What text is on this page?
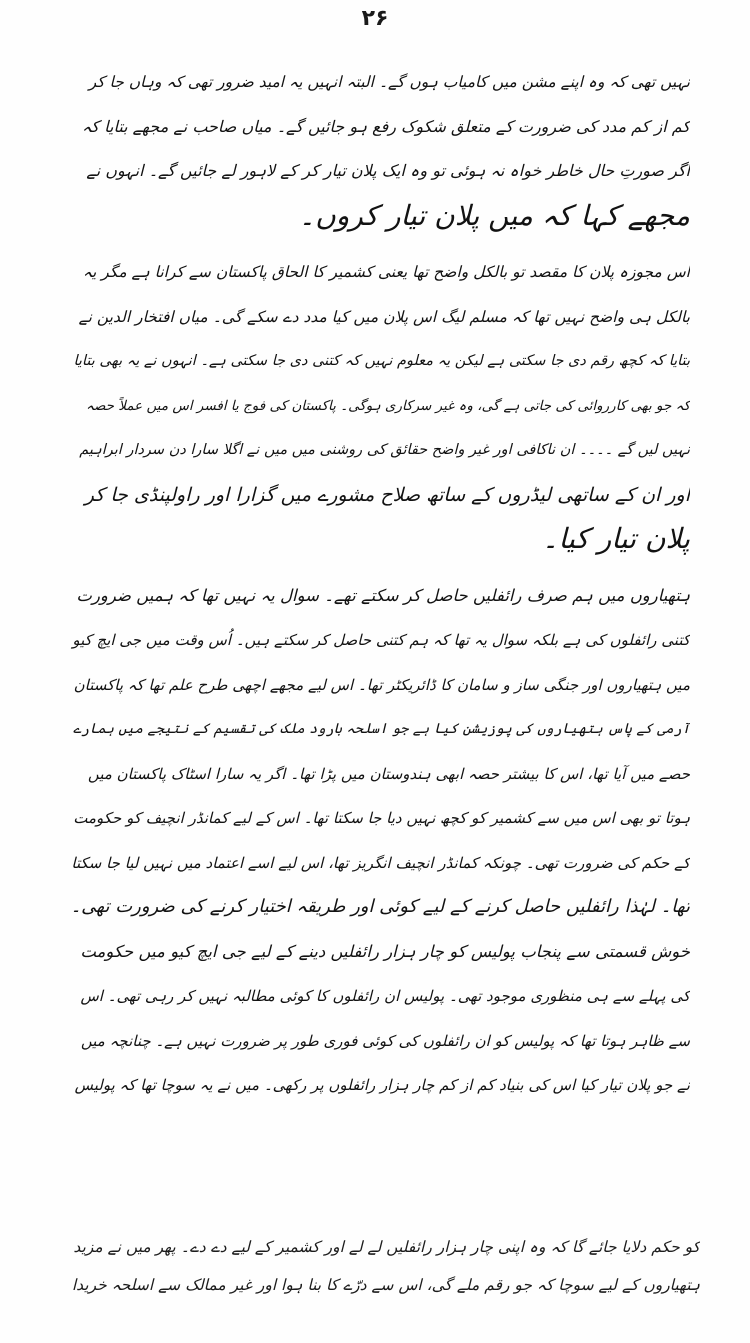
۲۶
نہیں تھی کہ وہ اپنے مشن میں کامیاب ہوں گے۔ البتہ انہیں یہ امید ضرور تھی کہ وہاں جا کر
کم از کم مدد کی ضرورت کے متعلق شکوک رفع ہو جائیں گے۔ میاں صاحب نے مجھے بتایا کہ
اگر صورتِ حال خاطر خواہ نہ ہوئی تو وہ ایک پلان تیار کر کے لاہور لے جائیں گے۔ انہوں نے
مجھے کہا کہ میں پلان تیار کروں۔
اس مجوزہ پلان کا مقصد تو بالکل واضح تھا یعنی کشمیر کا الحاق پاکستان سے کرانا ہے مگر یہ
بالکل ہی واضح نہیں تھا کہ مسلم لیگ اس پلان میں کیا مدد دے سکے گی۔ میاں افتخار الدین نے
بتایا کہ کچھ رقم دی جا سکتی ہے لیکن یہ معلوم نہیں کہ کتنی دی جا سکتی ہے۔ انہوں نے یہ بھی بتایا
کہ جو بھی کارروائی کی جاتی ہے گی، وہ غیر سرکاری ہوگی۔ پاکستان کی فوج یا افسر اس میں عملاً حصہ
نہیں لیں گے ۔۔۔۔ ان ناکافی اور غیر واضح حقائق کی روشنی میں میں نے اگلا سارا دن سردار ابراہیم
اور ان کے ساتھی لیڈروں کے ساتھ صلاح مشورے میں گزارا اور راولپنڈی جا کر
پلان تیار کیا۔
ہتھیاروں میں ہم صرف رائفلیں حاصل کر سکتے تھے۔ سوال یہ نہیں تھا کہ ہمیں ضرورت
کتنی رائفلوں کی ہے بلکہ سوال یہ تھا کہ ہم کتنی حاصل کر سکتے ہیں۔ اُس وقت میں جی ایچ کیو
میں ہتھیاروں اور جنگی ساز و سامان کا ڈائریکٹر تھا۔ اس لیے مجھے اچھی طرح علم تھا کہ پاکستان
آرمی کے پاس ہتھیاروں کی پوزیشن کیا ہے جو اسلحہ بارود ملک کی تقسیم کے نتیجے میں ہمارے
حصے میں آیا تھا، اس کا بیشتر حصہ ابھی ہندوستان میں پڑا تھا۔ اگر یہ سارا اسٹاک پاکستان میں
ہوتا تو بھی اس میں سے کشمیر کو کچھ نہیں دیا جا سکتا تھا۔ اس کے لیے کمانڈر انچیف کو حکومت
کے حکم کی ضرورت تھی۔ چونکہ کمانڈر انچیف انگریز تھا، اس لیے اسے اعتماد میں نہیں لیا جا سکتا
تھا۔ لہٰذا رائفلیں حاصل کرنے کے لیے کوئی اور طریقہ اختیار کرنے کی ضرورت تھی۔
خوش قسمتی سے پنجاب پولیس کو چار ہزار رائفلیں دینے کے لیے جی ایچ کیو میں حکومت
کی پہلے سے ہی منظوری موجود تھی۔ پولیس ان رائفلوں کا کوئی مطالبہ نہیں کر رہی تھی۔ اس
سے ظاہر ہوتا تھا کہ پولیس کو ان رائفلوں کی کوئی فوری طور پر ضرورت نہیں ہے۔ چنانچہ میں
نے جو پلان تیار کیا اس کی بنیاد کم از کم چار ہزار رائفلوں پر رکھی۔ میں نے یہ سوچا تھا کہ پولیس
کو حکم دلایا جائے گا کہ وہ اپنی چار ہزار رائفلیں لے لے اور کشمیر کے لیے دے دے۔ پھر میں نے مزید
ہتھیاروں کے لیے سوچا کہ جو رقم ملے گی، اس سے درّے کا بنا ہوا اور غیر ممالک سے اسلحہ خریدا
